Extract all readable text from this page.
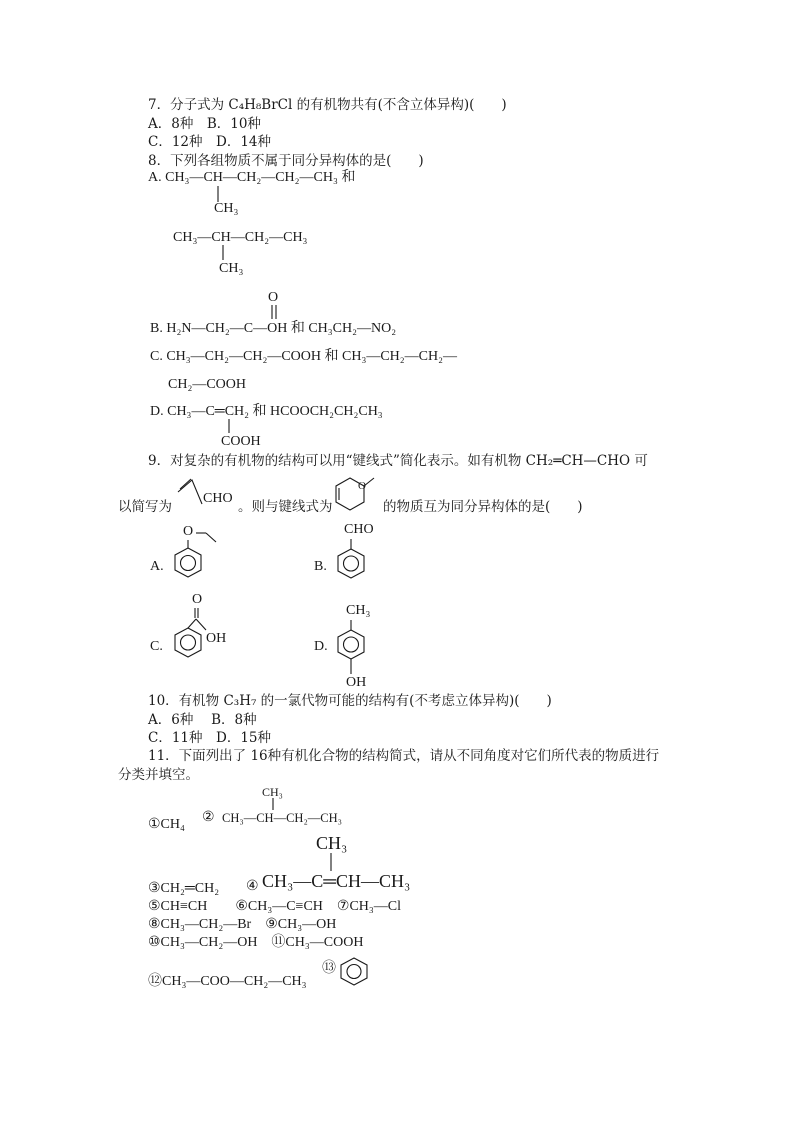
7．分子式为 C₄H₈BrCl 的有机物共有(不含立体异构)(　　)
A．8种　B．10种
C．12种　D．14种
8．下列各组物质不属于同分异构体的是(　　)
A. CH₃—CH—CH₂—CH₂—CH₃ 和
CH₃
CH₃—CH—CH₂—CH₃
CH₃
O
B. H₂N—CH₂—C—OH 和 CH₃CH₂—NO₂
C. CH₃—CH₂—CH₂—COOH 和 CH₃—CH₂—CH₂—
CH₂—COOH
D. CH₃—C═CH₂ 和 HCOOCH₂CH₂CH₃
COOH
9．对复杂的有机物的结构可以用“键线式”简化表示。如有机物 CH₂═CH—CHO 可
以简写为
CHO
。则与键线式为
O
的物质互为同分异构体的是(　　)
A.
O
B.
CHO
C.
O
OH
D.
CH₃
OH
10．有机物 C₃H₇ 的一氯代物可能的结构有(不考虑立体异构)(　　)
A．6种　 B．8种
C．11种　D．15种
11．下面列出了 16种有机化合物的结构简式，请从不同角度对它们所代表的物质进行
分类并填空。
①CH₄ ②
CH₃
CH₃—CH—CH₂—CH₃
CH₃
③CH₂═CH₂ ④ CH₃—C═CH—CH₃
⑤CH≡CH　　⑥CH₃—C≡CH　⑦CH₃—Cl
⑧CH₃—CH₂—Br　⑨CH₃—OH
⑩CH₃—CH₂—OH　⑪CH₃—COOH
⑫CH₃—COO—CH₂—CH₃
⑬
